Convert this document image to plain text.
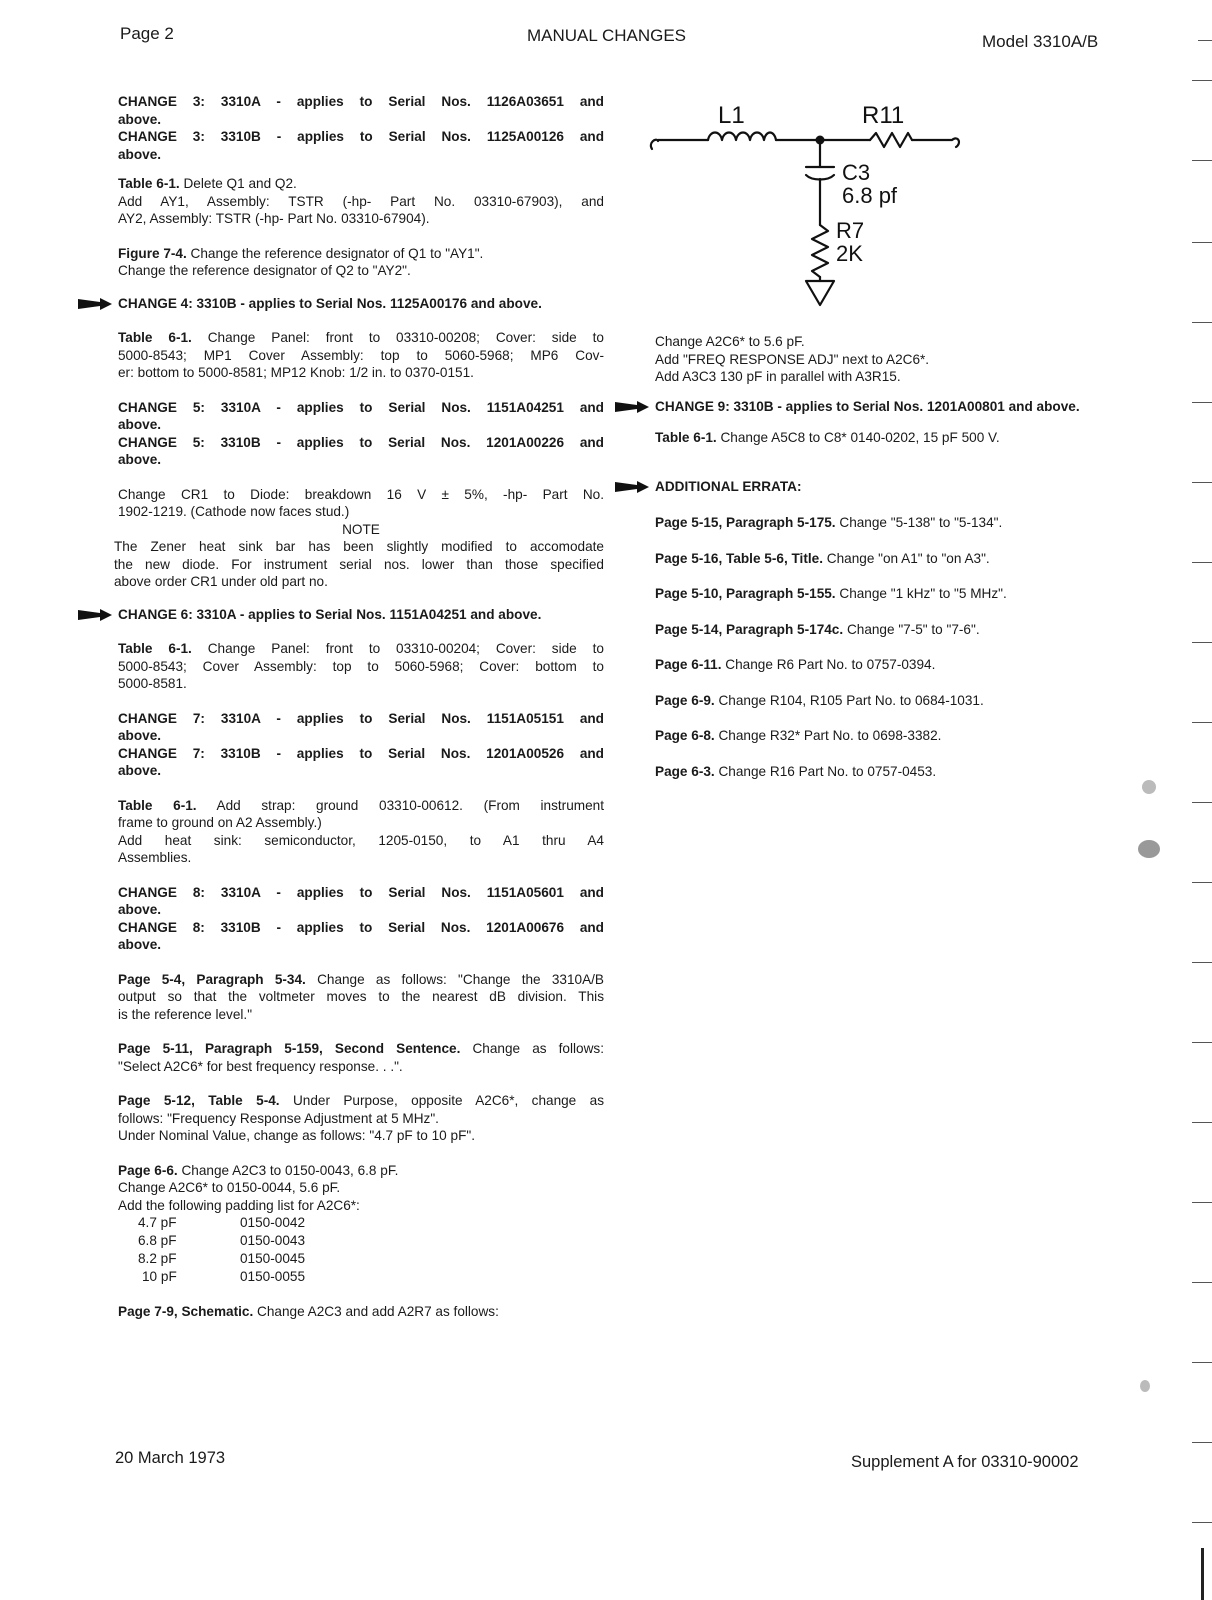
Page 2	MANUAL CHANGES	Model 3310A/B

CHANGE 3: 3310A - applies to Serial Nos. 1126A03651 and

above.

CHANGE 3: 3310B - applies to Serial Nos. 1125A00126 and

above.

Table 6-1. Delete Q1 and Q2.

Add AY1, Assembly: TSTR (-hp- Part No. 03310-67903), and

AY2, Assembly: TSTR (-hp- Part No. 03310-67904).

Figure 7-4. Change the reference designator of Q1 to "AY1".

Change the reference designator of Q2 to "AY2".

CHANGE 4: 3310B - applies to Serial Nos. 1125A00176 and above.

Table 6-1. Change Panel: front to 03310-00208; Cover: side to

5000-8543; MP1 Cover Assembly: top to 5060-5968; MP6 Cov-

er: bottom to 5000-8581; MP12 Knob: 1/2 in. to 0370-0151.

CHANGE 5: 3310A - applies to Serial Nos. 1151A04251 and

above.

CHANGE 5: 3310B - applies to Serial Nos. 1201A00226 and

above.

Change CR1 to Diode: breakdown 16 V ± 5%, -hp- Part No.

1902-1219. (Cathode now faces stud.)

NOTE

The Zener heat sink bar has been slightly modified to accomodate

the new diode. For instrument serial nos. lower than those specified

above order CR1 under old part no.

CHANGE 6: 3310A - applies to Serial Nos. 1151A04251 and above.

Table 6-1. Change Panel: front to 03310-00204; Cover: side to

5000-8543; Cover Assembly: top to 5060-5968; Cover: bottom to

5000-8581.

CHANGE 7: 3310A - applies to Serial Nos. 1151A05151 and

above.

CHANGE 7: 3310B - applies to Serial Nos. 1201A00526 and

above.

Table 6-1. Add strap: ground 03310-00612. (From instrument

frame to ground on A2 Assembly.)

Add heat sink: semiconductor, 1205-0150, to A1 thru A4

Assemblies.

CHANGE 8: 3310A - applies to Serial Nos. 1151A05601 and

above.

CHANGE 8: 3310B - applies to Serial Nos. 1201A00676 and

above.

Page 5-4, Paragraph 5-34. Change as follows: "Change the 3310A/B

output so that the voltmeter moves to the nearest dB division. This

is the reference level."

Page 5-11, Paragraph 5-159, Second Sentence. Change as follows:

"Select A2C6* for best frequency response. . .".

Page 5-12, Table 5-4. Under Purpose, opposite A2C6*, change as

follows: "Frequency Response Adjustment at 5 MHz".

Under Nominal Value, change as follows: "4.7 pF to 10 pF".

Page 6-6. Change A2C3 to 0150-0043, 6.8 pF.

Change A2C6* to 0150-0044, 5.6 pF.

Add the following padding list for A2C6*:

4.7 pF	0150-0042
6.8 pF	0150-0043
8.2 pF	0150-0045
10 pF	0150-0055

Page 7-9, Schematic. Change A2C3 and add A2R7 as follows:

L1	R11
C3
6.8 pf
R7
2K

Change A2C6* to 5.6 pF.

Add "FREQ RESPONSE ADJ" next to A2C6*.

Add A3C3 130 pF in parallel with A3R15.

CHANGE 9: 3310B - applies to Serial Nos. 1201A00801 and above.

Table 6-1. Change A5C8 to C8* 0140-0202, 15 pF 500 V.

ADDITIONAL ERRATA:

Page 5-15, Paragraph 5-175. Change "5-138" to "5-134".

Page 5-16, Table 5-6, Title. Change "on A1" to "on A3".

Page 5-10, Paragraph 5-155. Change "1 kHz" to "5 MHz".

Page 5-14, Paragraph 5-174c. Change "7-5" to "7-6".

Page 6-11. Change R6 Part No. to 0757-0394.

Page 6-9. Change R104, R105 Part No. to 0684-1031.

Page 6-8. Change R32* Part No. to 0698-3382.

Page 6-3. Change R16 Part No. to 0757-0453.

20 March 1973	Supplement A for 03310-90002
